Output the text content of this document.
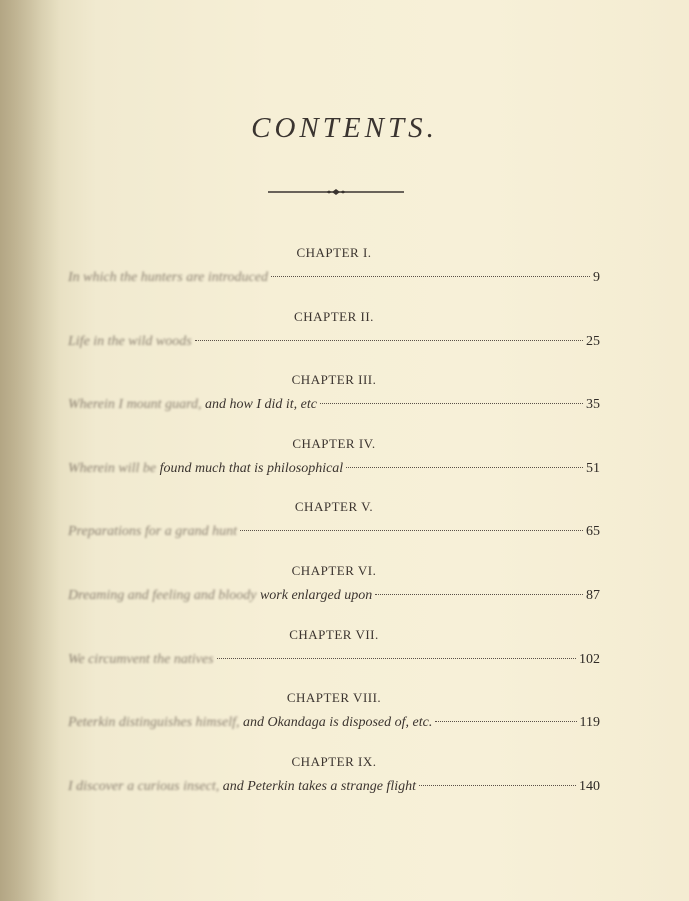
CONTENTS.
CHAPTER I.
In which the hunters are introduced	9
CHAPTER II.
Life in the wild woods	25
CHAPTER III.
Wherein I mount guard, and how I did it, etc	35
CHAPTER IV.
Wherein will be found much that is philosophical	51
CHAPTER V.
Preparations for a grand hunt	65
CHAPTER VI.
Dreaming and feeling and bloody work enlarged upon	87
CHAPTER VII.
We circumvent the natives	102
CHAPTER VIII.
Peterkin distinguishes himself, and Okandaga is disposed of, etc.	119
CHAPTER IX.
I discover a curious insect, and Peterkin takes a strange flight	140
